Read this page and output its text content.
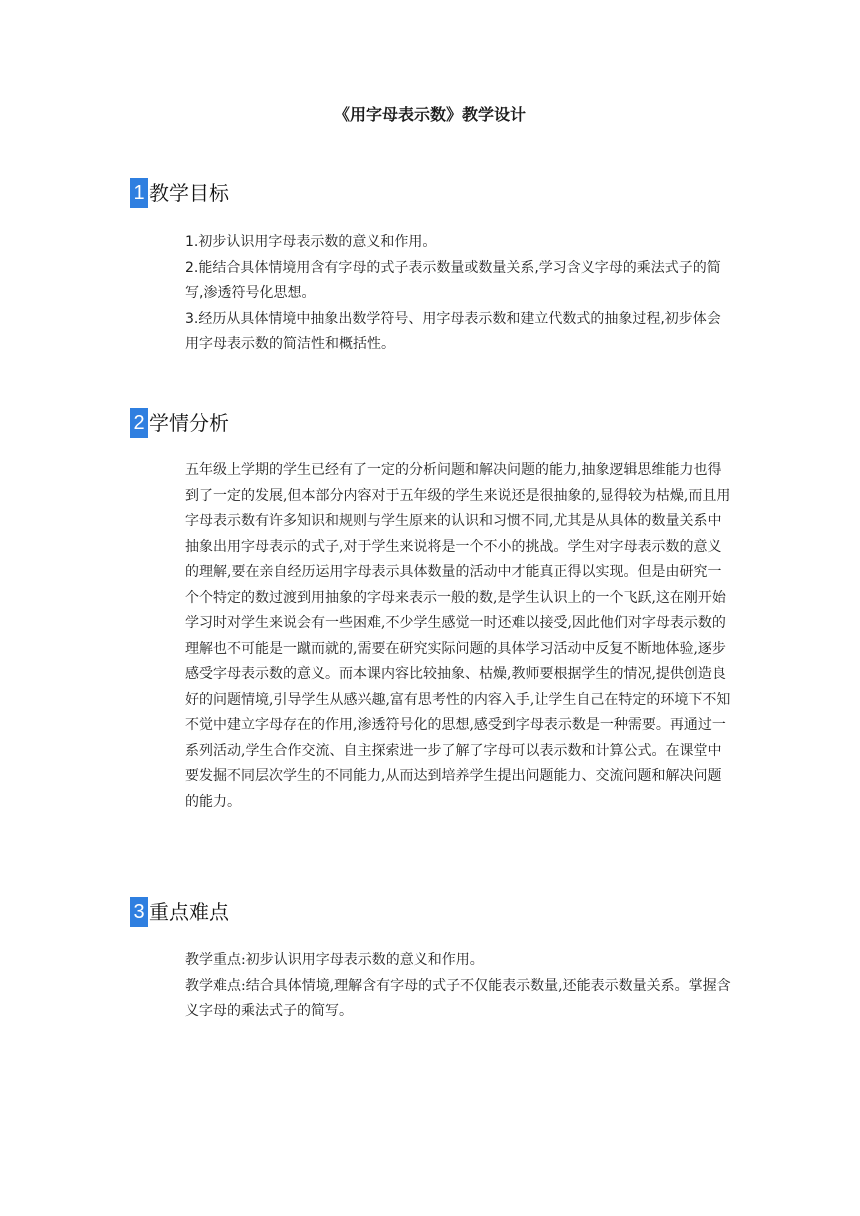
《用字母表示数》教学设计
1 教学目标

1.初步认识用字母表示数的意义和作用。

2.能结合具体情境用含有字母的式子表示数量或数量关系,学习含义字母的乘法式子的简写,渗透符号化思想。

3.经历从具体情境中抽象出数学符号、用字母表示数和建立代数式的抽象过程,初步体会用字母表示数的简洁性和概括性。

2 学情分析

五年级上学期的学生已经有了一定的分析问题和解决问题的能力,抽象逻辑思维能力也得到了一定的发展,但本部分内容对于五年级的学生来说还是很抽象的,显得较为枯燥,而且用字母表示数有许多知识和规则与学生原来的认识和习惯不同,尤其是从具体的数量关系中抽象出用字母表示的式子,对于学生来说将是一个不小的挑战。学生对字母表示数的意义的理解,要在亲自经历运用字母表示具体数量的活动中才能真正得以实现。但是由研究一个个特定的数过渡到用抽象的字母来表示一般的数,是学生认识上的一个飞跃,这在刚开始学习时对学生来说会有一些困难,不少学生感觉一时还难以接受,因此他们对字母表示数的理解也不可能是一蹴而就的,需要在研究实际问题的具体学习活动中反复不断地体验,逐步感受字母表示数的意义。而本课内容比较抽象、枯燥,教师要根据学生的情况,提供创造良好的问题情境,引导学生从感兴趣,富有思考性的内容入手,让学生自己在特定的环境下不知不觉中建立字母存在的作用,渗透符号化的思想,感受到字母表示数是一种需要。再通过一系列活动,学生合作交流、自主探索进一步了解了字母可以表示数和计算公式。在课堂中要发掘不同层次学生的不同能力,从而达到培养学生提出问题能力、交流问题和解决问题的能力。

3 重点难点

教学重点:初步认识用字母表示数的意义和作用。

教学难点:结合具体情境,理解含有字母的式子不仅能表示数量,还能表示数量关系。掌握含义字母的乘法式子的简写。
